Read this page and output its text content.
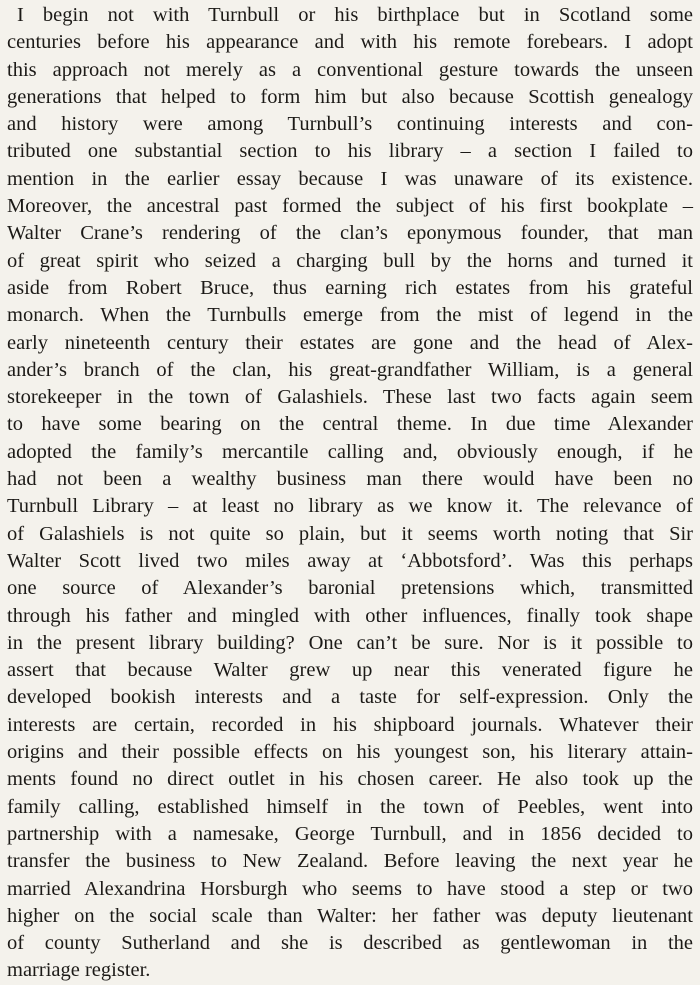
I begin not with Turnbull or his birthplace but in Scotland some
centuries before his appearance and with his remote forebears. I adopt
this approach not merely as a conventional gesture towards the unseen
generations that helped to form him but also because Scottish genealogy
and history were among Turnbull’s continuing interests and con-
tributed one substantial section to his library – a section I failed to
mention in the earlier essay because I was unaware of its existence.
Moreover, the ancestral past formed the subject of his first bookplate –
Walter Crane’s rendering of the clan’s eponymous founder, that man
of great spirit who seized a charging bull by the horns and turned it
aside from Robert Bruce, thus earning rich estates from his grateful
monarch. When the Turnbulls emerge from the mist of legend in the
early nineteenth century their estates are gone and the head of Alex-
ander’s branch of the clan, his great-grandfather William, is a general
storekeeper in the town of Galashiels. These last two facts again seem
to have some bearing on the central theme. In due time Alexander
adopted the family’s mercantile calling and, obviously enough, if he
had not been a wealthy business man there would have been no
Turnbull Library – at least no library as we know it. The relevance of
of Galashiels is not quite so plain, but it seems worth noting that Sir
Walter Scott lived two miles away at ‘Abbotsford’. Was this perhaps
one source of Alexander’s baronial pretensions which, transmitted
through his father and mingled with other influences, finally took shape
in the present library building? One can’t be sure. Nor is it possible to
assert that because Walter grew up near this venerated figure he
developed bookish interests and a taste for self-expression. Only the
interests are certain, recorded in his shipboard journals. Whatever their
origins and their possible effects on his youngest son, his literary attain-
ments found no direct outlet in his chosen career. He also took up the
family calling, established himself in the town of Peebles, went into
partnership with a namesake, George Turnbull, and in 1856 decided to
transfer the business to New Zealand. Before leaving the next year he
married Alexandrina Horsburgh who seems to have stood a step or two
higher on the social scale than Walter: her father was deputy lieutenant
of county Sutherland and she is described as gentlewoman in the
marriage register.
